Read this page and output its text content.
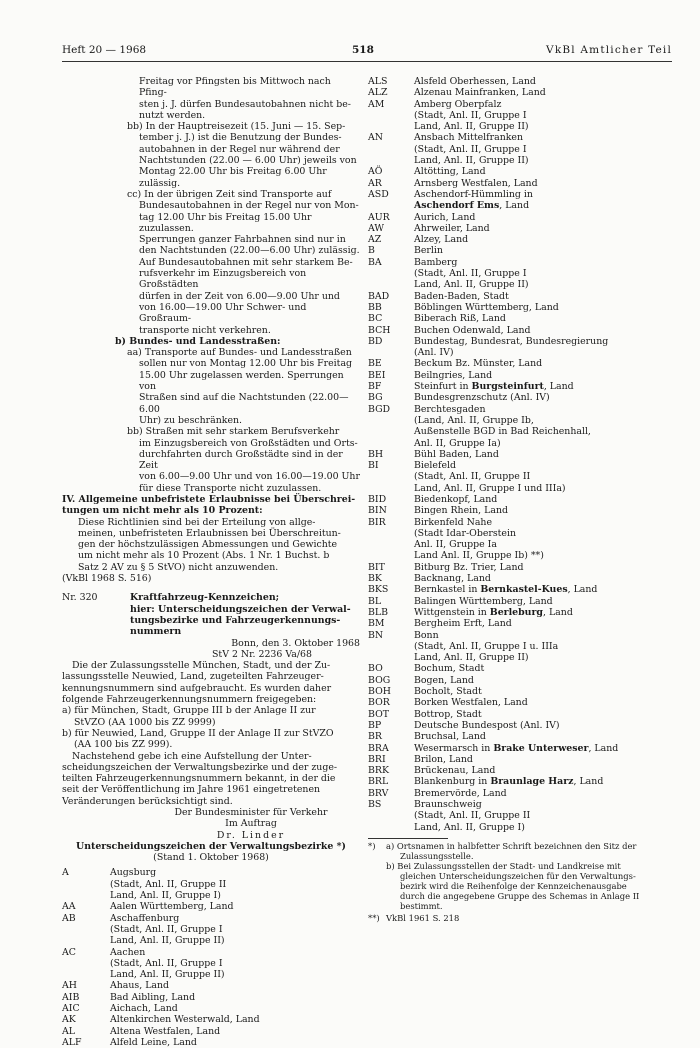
Heft 20 — 1968	518	VkBl Amtlicher Teil
Freitag vor Pfingsten bis Mittwoch nach Pfing-
sten j. J. dürfen Bundesautobahnen nicht be-
nutzt werden.
bb) In der Hauptreisezeit (15. Juni — 15. Sep-
tember j. J.) ist die Benutzung der Bundes-
autobahnen in der Regel nur während der
Nachtstunden (22.00 — 6.00 Uhr) jeweils von
Montag 22.00 Uhr bis Freitag 6.00 Uhr zulässig.
cc) In der übrigen Zeit sind Transporte auf
Bundesautobahnen in der Regel nur von Mon-
tag 12.00 Uhr bis Freitag 15.00 Uhr zuzulassen.
Sperrungen ganzer Fahrbahnen sind nur in
den Nachtstunden (22.00—6.00 Uhr) zulässig.
Auf Bundesautobahnen mit sehr starkem Be-
rufsverkehr im Einzugsbereich von Großstädten
dürfen in der Zeit von 6.00—9.00 Uhr und
von 16.00—19.00 Uhr Schwer- und Großraum-
transporte nicht verkehren.
b) Bundes- und Landesstraßen:
aa) Transporte auf Bundes- und Landesstraßen
sollen nur von Montag 12.00 Uhr bis Freitag
15.00 Uhr zugelassen werden. Sperrungen von
Straßen sind auf die Nachtstunden (22.00—6.00
Uhr) zu beschränken.
bb) Straßen mit sehr starkem Berufsverkehr
im Einzugsbereich von Großstädten und Orts-
durchfahrten durch Großstädte sind in der Zeit
von 6.00—9.00 Uhr und von 16.00—19.00 Uhr
für diese Transporte nicht zuzulassen.
IV. Allgemeine unbefristete Erlaubnisse bei Überschrei-
tungen um nicht mehr als 10 Prozent:
Diese Richtlinien sind bei der Erteilung von allge-
meinen, unbefristeten Erlaubnissen bei Überschreitun-
gen der höchstzulässigen Abmessungen und Gewichte
um nicht mehr als 10 Prozent (Abs. 1 Nr. 1 Buchst. b
Satz 2 AV zu § 5 StVO) nicht anzuwenden.
(VkBl 1968 S. 516)
Nr. 320	Kraftfahrzeug-Kennzeichen;
hier: Unterscheidungszeichen der Verwal-
tungsbezirke und Fahrzeugerkennungs-
nummern
Bonn, den 3. Oktober 1968
StV 2 Nr. 2236 Va/68
Die der Zulassungsstelle München, Stadt, und der Zu-
lassungsstelle Neuwied, Land, zugeteilten Fahrzeuger-
kennungsnummern sind aufgebraucht. Es wurden daher
folgende Fahrzeugerkennungsnummern freigegeben:
a) für München, Stadt, Gruppe III b der Anlage II zur
StVZO (AA 1000 bis ZZ 9999)
b) für Neuwied, Land, Gruppe II der Anlage II zur StVZO
(AA 100 bis ZZ 999).
Nachstehend gebe ich eine Aufstellung der Unter-
scheidungszeichen der Verwaltungsbezirke und der zuge-
teilten Fahrzeugerkennungsnummern bekannt, in der die
seit der Veröffentlichung im Jahre 1961 eingetretenen
Veränderungen berücksichtigt sind.
Der Bundesminister für Verkehr
Im Auftrag
Dr. Linder
Unterscheidungszeichen der Verwaltungsbezirke *)
(Stand 1. Oktober 1968)
A	Augsburg
(Stadt, Anl. II, Gruppe II
Land, Anl. II, Gruppe I)
AA	Aalen Württemberg, Land
AB	Aschaffenburg
(Stadt, Anl. II, Gruppe I
Land, Anl. II, Gruppe II)
AC	Aachen
(Stadt, Anl. II, Gruppe I
Land, Anl. II, Gruppe II)
AH	Ahaus, Land
AIB	Bad Aibling, Land
AIC	Aichach, Land
AK	Altenkirchen Westerwald, Land
AL	Altena Westfalen, Land
ALF	Alfeld Leine, Land
ALS	Alsfeld Oberhessen, Land
ALZ	Alzenau Mainfranken, Land
AM	Amberg Oberpfalz
(Stadt, Anl. II, Gruppe I
Land, Anl. II, Gruppe II)
AN	Ansbach Mittelfranken
(Stadt, Anl. II, Gruppe I
Land, Anl. II, Gruppe II)
AÖ	Altötting, Land
AR	Arnsberg Westfalen, Land
ASD	Aschendorf-Hümmling in
Aschendorf Ems, Land
AUR	Aurich, Land
AW	Ahrweiler, Land
AZ	Alzey, Land
B	Berlin
BA	Bamberg
(Stadt, Anl. II, Gruppe I
Land, Anl. II, Gruppe II)
BAD	Baden-Baden, Stadt
BB	Böblingen Württemberg, Land
BC	Biberach Riß, Land
BCH	Buchen Odenwald, Land
BD	Bundestag, Bundesrat, Bundesregierung
(Anl. IV)
BE	Beckum Bz. Münster, Land
BEI	Beilngries, Land
BF	Steinfurt in Burgsteinfurt, Land
BG	Bundesgrenzschutz (Anl. IV)
BGD	Berchtesgaden
(Land, Anl. II, Gruppe Ib,
Außenstelle BGD in Bad Reichenhall,
Anl. II, Gruppe Ia)
BH	Bühl Baden, Land
BI	Bielefeld
(Stadt, Anl. II, Gruppe II
Land, Anl. II, Gruppe I und IIIa)
BID	Biedenkopf, Land
BIN	Bingen Rhein, Land
BIR	Birkenfeld Nahe
(Stadt Idar-Oberstein
Anl. II, Gruppe Ia
Land Anl. II, Gruppe Ib) **)
BIT	Bitburg Bz. Trier, Land
BK	Backnang, Land
BKS	Bernkastel in Bernkastel-Kues, Land
BL	Balingen Württemberg, Land
BLB	Wittgenstein in Berleburg, Land
BM	Bergheim Erft, Land
BN	Bonn
(Stadt, Anl. II, Gruppe I u. IIIa
Land, Anl. II, Gruppe II)
BO	Bochum, Stadt
BOG	Bogen, Land
BOH	Bocholt, Stadt
BOR	Borken Westfalen, Land
BOT	Bottrop, Stadt
BP	Deutsche Bundespost (Anl. IV)
BR	Bruchsal, Land
BRA	Wesermarsch in Brake Unterweser, Land
BRI	Brilon, Land
BRK	Brückenau, Land
BRL	Blankenburg in Braunlage Harz, Land
BRV	Bremervörde, Land
BS	Braunschweig
(Stadt, Anl. II, Gruppe II
Land, Anl. II, Gruppe I)
*)	a) Ortsnamen in halbfetter Schrift bezeichnen den Sitz der
Zulassungsstelle.
b) Bei Zulassungsstellen der Stadt- und Landkreise mit
gleichen Unterscheidungszeichen für den Verwaltungs-
bezirk wird die Reihenfolge der Kennzeichenausgabe
durch die angegebene Gruppe des Schemas in Anlage II
bestimmt.
**) VkBl 1961 S. 218
